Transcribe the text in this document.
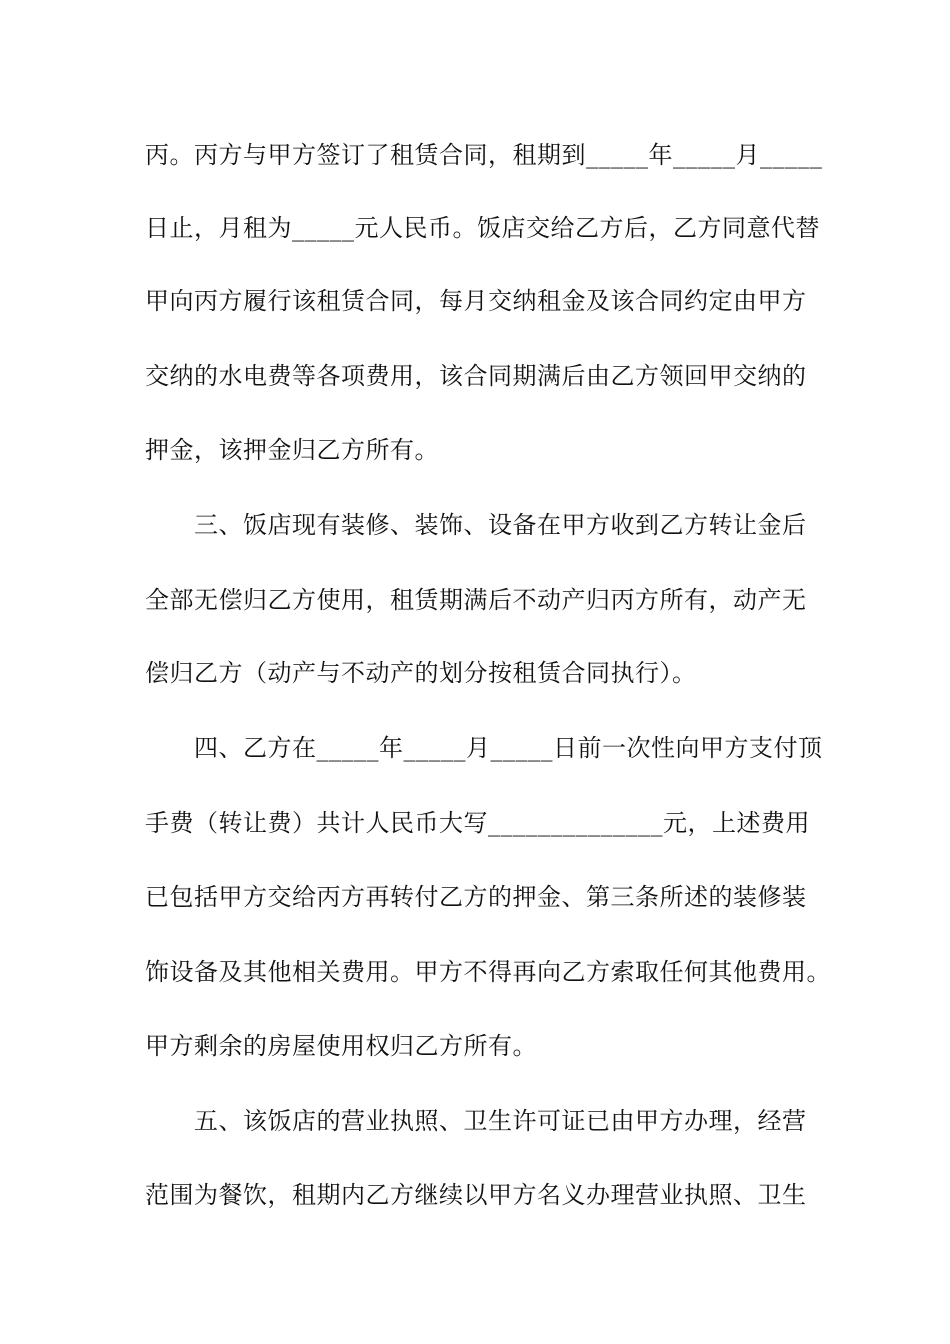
丙。丙方与甲方签订了租赁合同，租期到_____年_____月_____
日止，月租为_____元人民币。饭店交给乙方后，乙方同意代替
甲向丙方履行该租赁合同，每月交纳租金及该合同约定由甲方
交纳的水电费等各项费用，该合同期满后由乙方领回甲交纳的
押金，该押金归乙方所有。
　　三、饭店现有装修、装饰、设备在甲方收到乙方转让金后
全部无偿归乙方使用，租赁期满后不动产归丙方所有，动产无
偿归乙方（动产与不动产的划分按租赁合同执行）。
　　四、乙方在_____年_____月_____日前一次性向甲方支付顶
手费（转让费）共计人民币大写______________元，上述费用
已包括甲方交给丙方再转付乙方的押金、第三条所述的装修装
饰设备及其他相关费用。甲方不得再向乙方索取任何其他费用。
甲方剩余的房屋使用权归乙方所有。
　　五、该饭店的营业执照、卫生许可证已由甲方办理，经营
范围为餐饮，租期内乙方继续以甲方名义办理营业执照、卫生
